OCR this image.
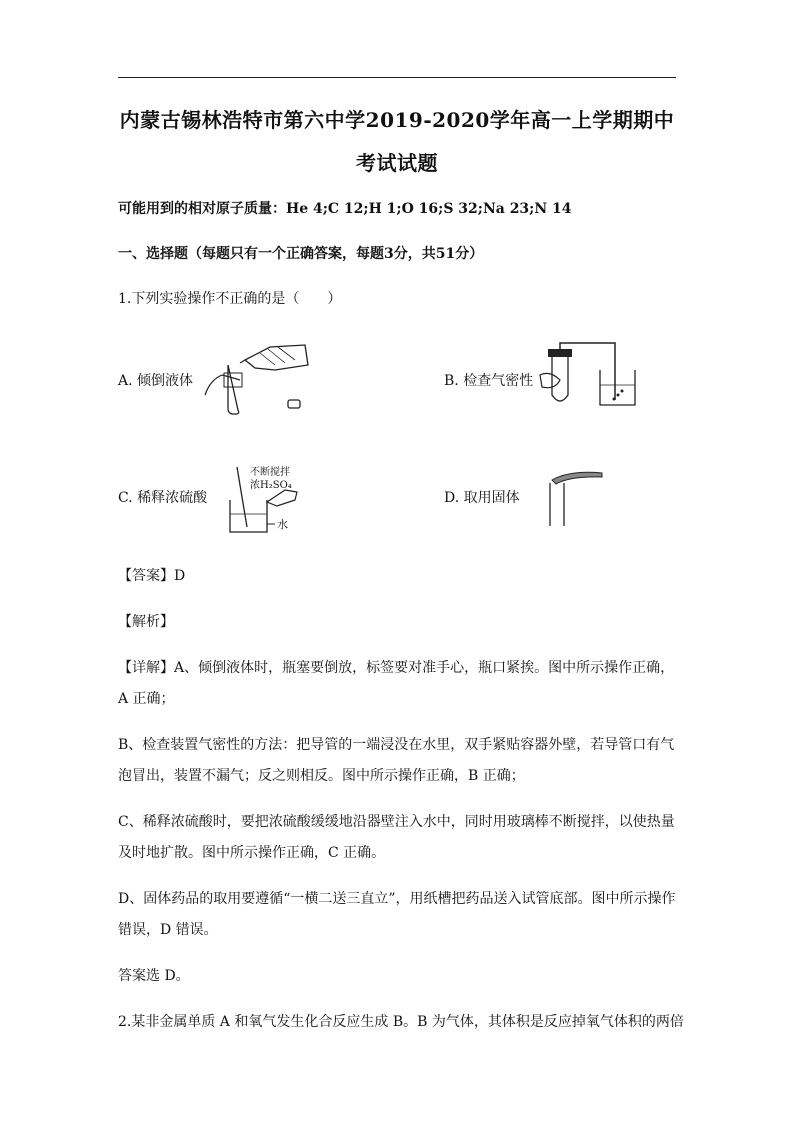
内蒙古锡林浩特市第六中学2019-2020学年高一上学期期中
考试试题
可能用到的相对原子质量：He 4;C 12;H 1;O 16;S 32;Na 23;N 14
一、选择题（每题只有一个正确答案，每题3分，共51分）
1.下列实验操作不正确的是（　　）
A. 倾倒液体	B. 检查气密性
C. 稀释浓硫酸
不断搅拌
浓H₂SO₄
水
D. 取用固体
【答案】D
【解析】
【详解】A、倾倒液体时，瓶塞要倒放，标签要对准手心，瓶口紧挨。图中所示操作正确，
A 正确；
B、检查装置气密性的方法：把导管的一端浸没在水里，双手紧贴容器外壁，若导管口有气
泡冒出，装置不漏气；反之则相反。图中所示操作正确，B 正确；
C、稀释浓硫酸时，要把浓硫酸缓缓地沿器壁注入水中，同时用玻璃棒不断搅拌，以使热量
及时地扩散。图中所示操作正确，C 正确。
D、固体药品的取用要遵循“一横二送三直立”，用纸槽把药品送入试管底部。图中所示操作
错误，D 错误。
答案选 D。
2.某非金属单质 A 和氧气发生化合反应生成 B。B 为气体，其体积是反应掉氧气体积的两倍
